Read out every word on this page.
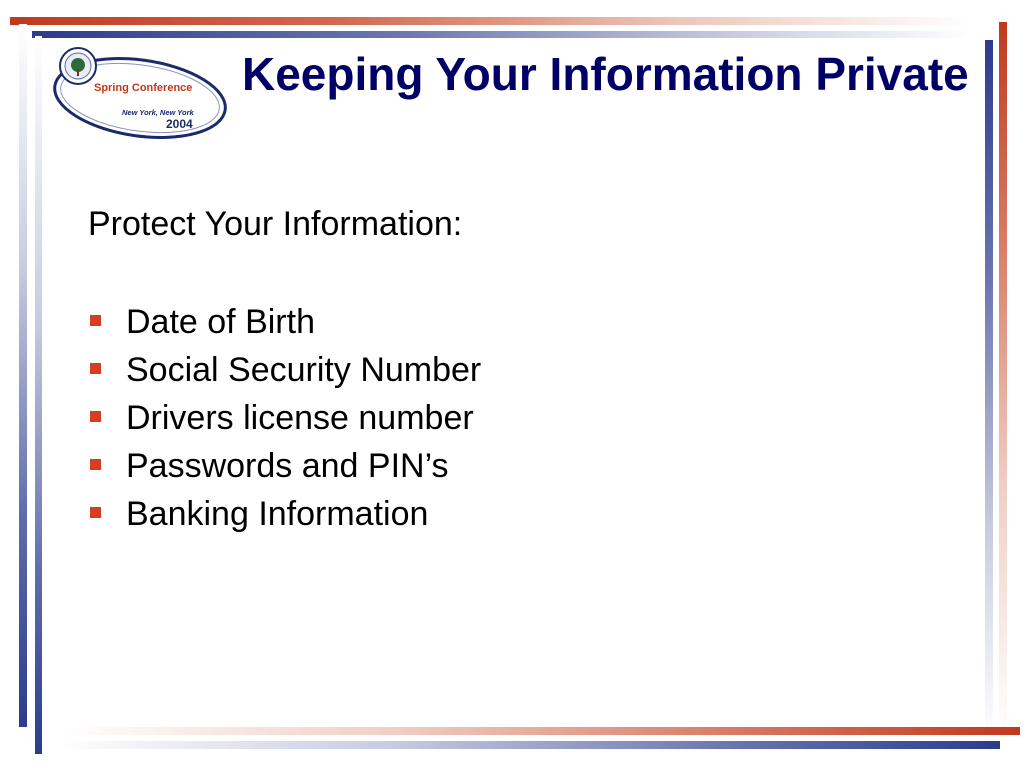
Spring Conference
New York, New York
2004
Keeping Your Information Private

Protect Your Information:

Date of Birth
Social Security Number
Drivers license number
Passwords and PIN’s
Banking Information
